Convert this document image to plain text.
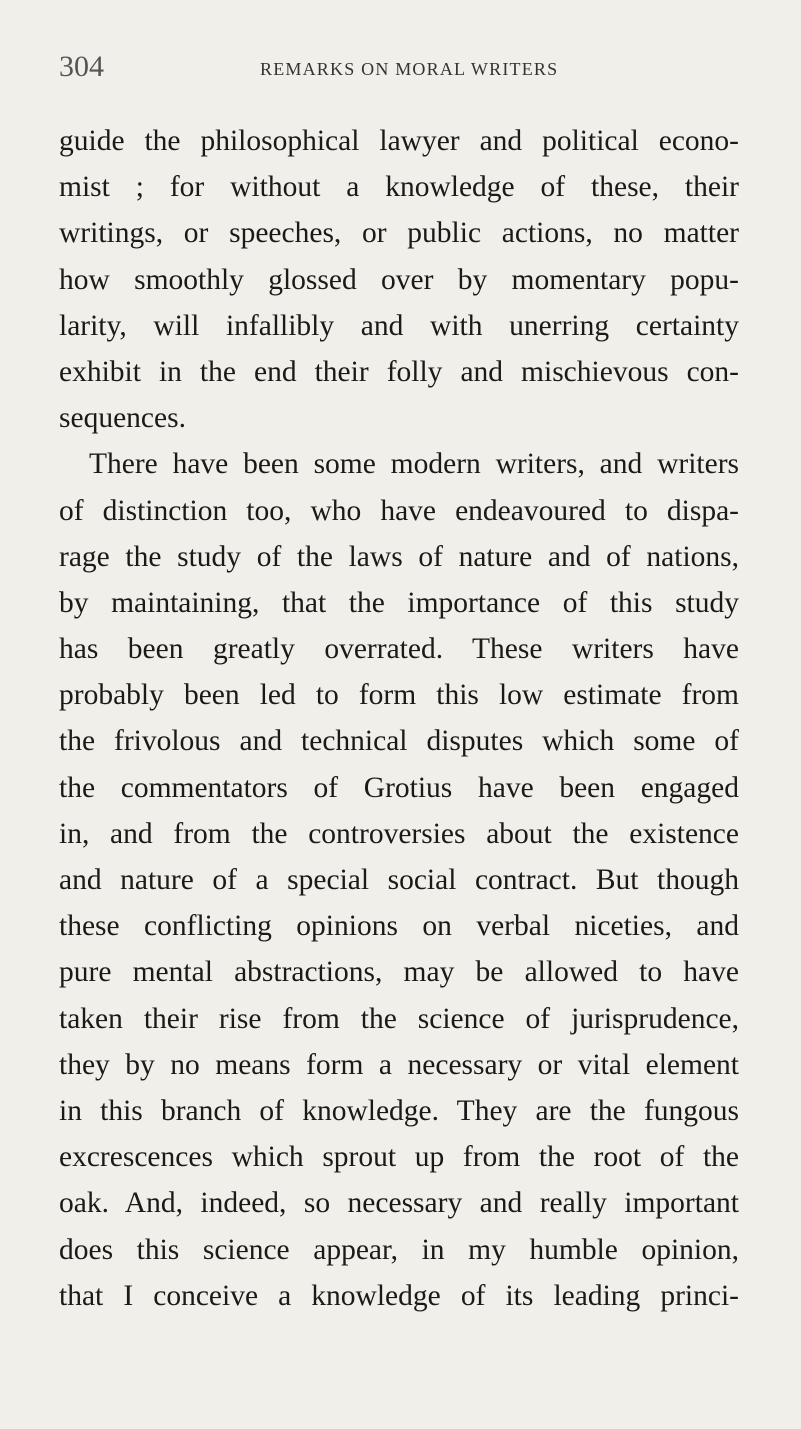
304	REMARKS ON MORAL WRITERS
guide the philosophical lawyer and political econo-
mist ; for without a knowledge of these, their
writings, or speeches, or public actions, no matter
how smoothly glossed over by momentary popu-
larity, will infallibly and with unerring certainty
exhibit in the end their folly and mischievous con-
sequences.
There have been some modern writers, and writers
of distinction too, who have endeavoured to dispa-
rage the study of the laws of nature and of nations,
by maintaining, that the importance of this study
has been greatly overrated. These writers have
probably been led to form this low estimate from
the frivolous and technical disputes which some of
the commentators of Grotius have been engaged
in, and from the controversies about the existence
and nature of a special social contract. But though
these conflicting opinions on verbal niceties, and
pure mental abstractions, may be allowed to have
taken their rise from the science of jurisprudence,
they by no means form a necessary or vital element
in this branch of knowledge. They are the fungous
excrescences which sprout up from the root of the
oak. And, indeed, so necessary and really important
does this science appear, in my humble opinion,
that I conceive a knowledge of its leading princi-
